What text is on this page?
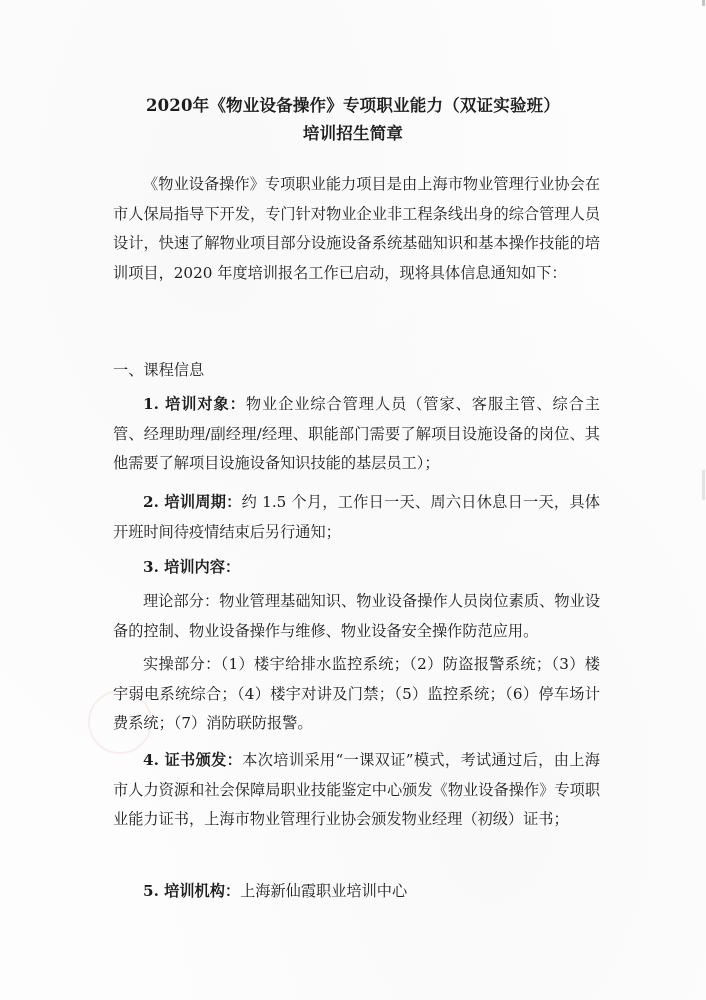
2020年《物业设备操作》专项职业能力（双证实验班）
培训招生简章

《物业设备操作》专项职业能力项目是由上海市物业管理行业协会在市人保局指导下开发，专门针对物业企业非工程条线出身的综合管理人员设计，快速了解物业项目部分设施设备系统基础知识和基本操作技能的培训项目，2020 年度培训报名工作已启动，现将具体信息通知如下：

一、课程信息

1. 培训对象：物业企业综合管理人员（管家、客服主管、综合主管、经理助理/副经理/经理、职能部门需要了解项目设施设备的岗位、其他需要了解项目设施设备知识技能的基层员工）；

2. 培训周期：约 1.5 个月，工作日一天、周六日休息日一天，具体开班时间待疫情结束后另行通知；

3. 培训内容：

理论部分：物业管理基础知识、物业设备操作人员岗位素质、物业设备的控制、物业设备操作与维修、物业设备安全操作防范应用。

实操部分：（1）楼宇给排水监控系统；（2）防盗报警系统；（3）楼宇弱电系统综合；（4）楼宇对讲及门禁；（5）监控系统；（6）停车场计费系统；（7）消防联防报警。

4. 证书颁发：本次培训采用“一课双证”模式，考试通过后，由上海市人力资源和社会保障局职业技能鉴定中心颁发《物业设备操作》专项职业能力证书，上海市物业管理行业协会颁发物业经理（初级）证书；

5. 培训机构：上海新仙霞职业培训中心
